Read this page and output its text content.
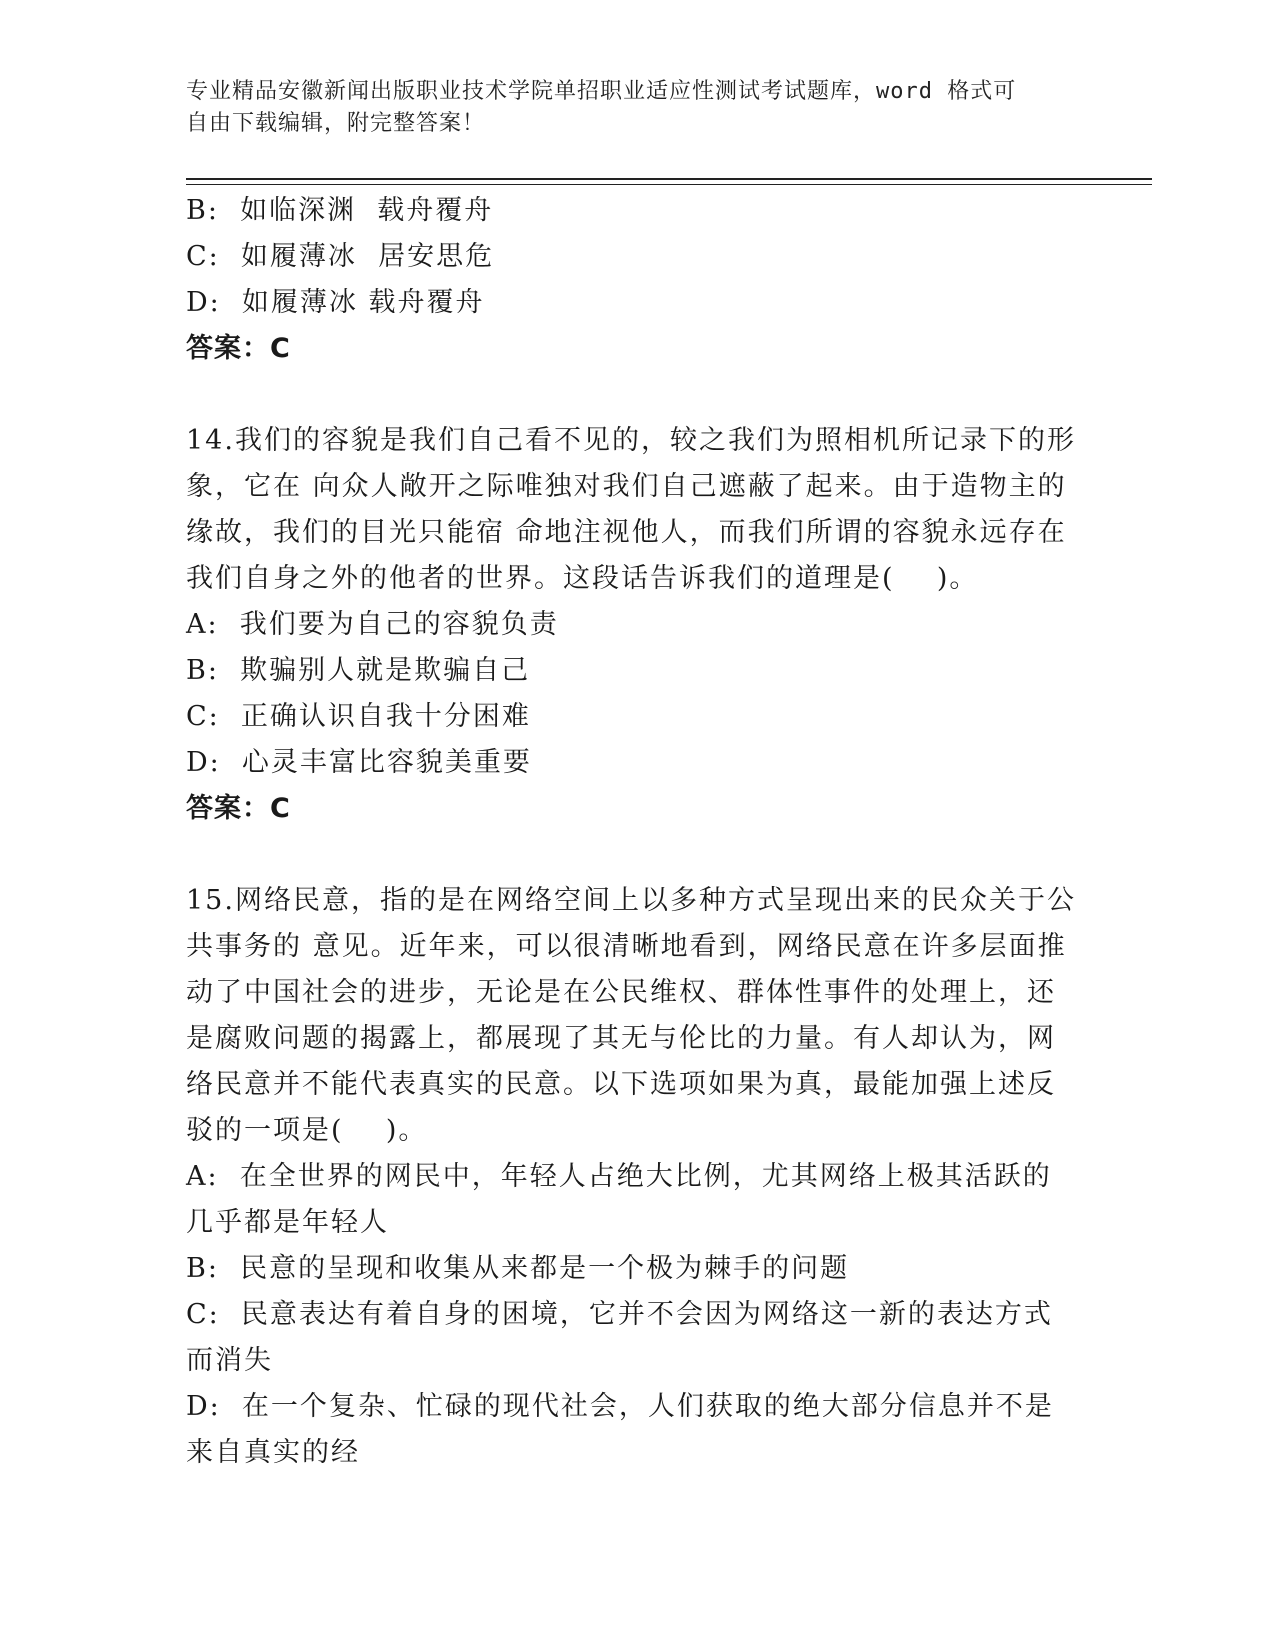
专业精品安徽新闻出版职业技术学院单招职业适应性测试考试题库，word 格式可
自由下载编辑，附完整答案！
B:  如临深渊  载舟覆舟
C:  如履薄冰  居安思危
D:  如履薄冰 载舟覆舟
答案：C
14.我们的容貌是我们自己看不见的，较之我们为照相机所记录下的形
象，它在 向众人敞开之际唯独对我们自己遮蔽了起来。由于造物主的
缘故，我们的目光只能宿 命地注视他人，而我们所谓的容貌永远存在
我们自身之外的他者的世界。这段话告诉我们的道理是(    )。
A:  我们要为自己的容貌负责
B:  欺骗别人就是欺骗自己
C:  正确认识自我十分困难
D:  心灵丰富比容貌美重要
答案：C
15.网络民意，指的是在网络空间上以多种方式呈现出来的民众关于公
共事务的 意见。近年来，可以很清晰地看到，网络民意在许多层面推
动了中国社会的进步，无论是在公民维权、群体性事件的处理上，还
是腐败问题的揭露上，都展现了其无与伦比的力量。有人却认为，网
络民意并不能代表真实的民意。以下选项如果为真，最能加强上述反
驳的一项是(    )。
A:  在全世界的网民中，年轻人占绝大比例，尤其网络上极其活跃的
几乎都是年轻人
B:  民意的呈现和收集从来都是一个极为棘手的问题
C:  民意表达有着自身的困境，它并不会因为网络这一新的表达方式
而消失
D:  在一个复杂、忙碌的现代社会，人们获取的绝大部分信息并不是
来自真实的经
